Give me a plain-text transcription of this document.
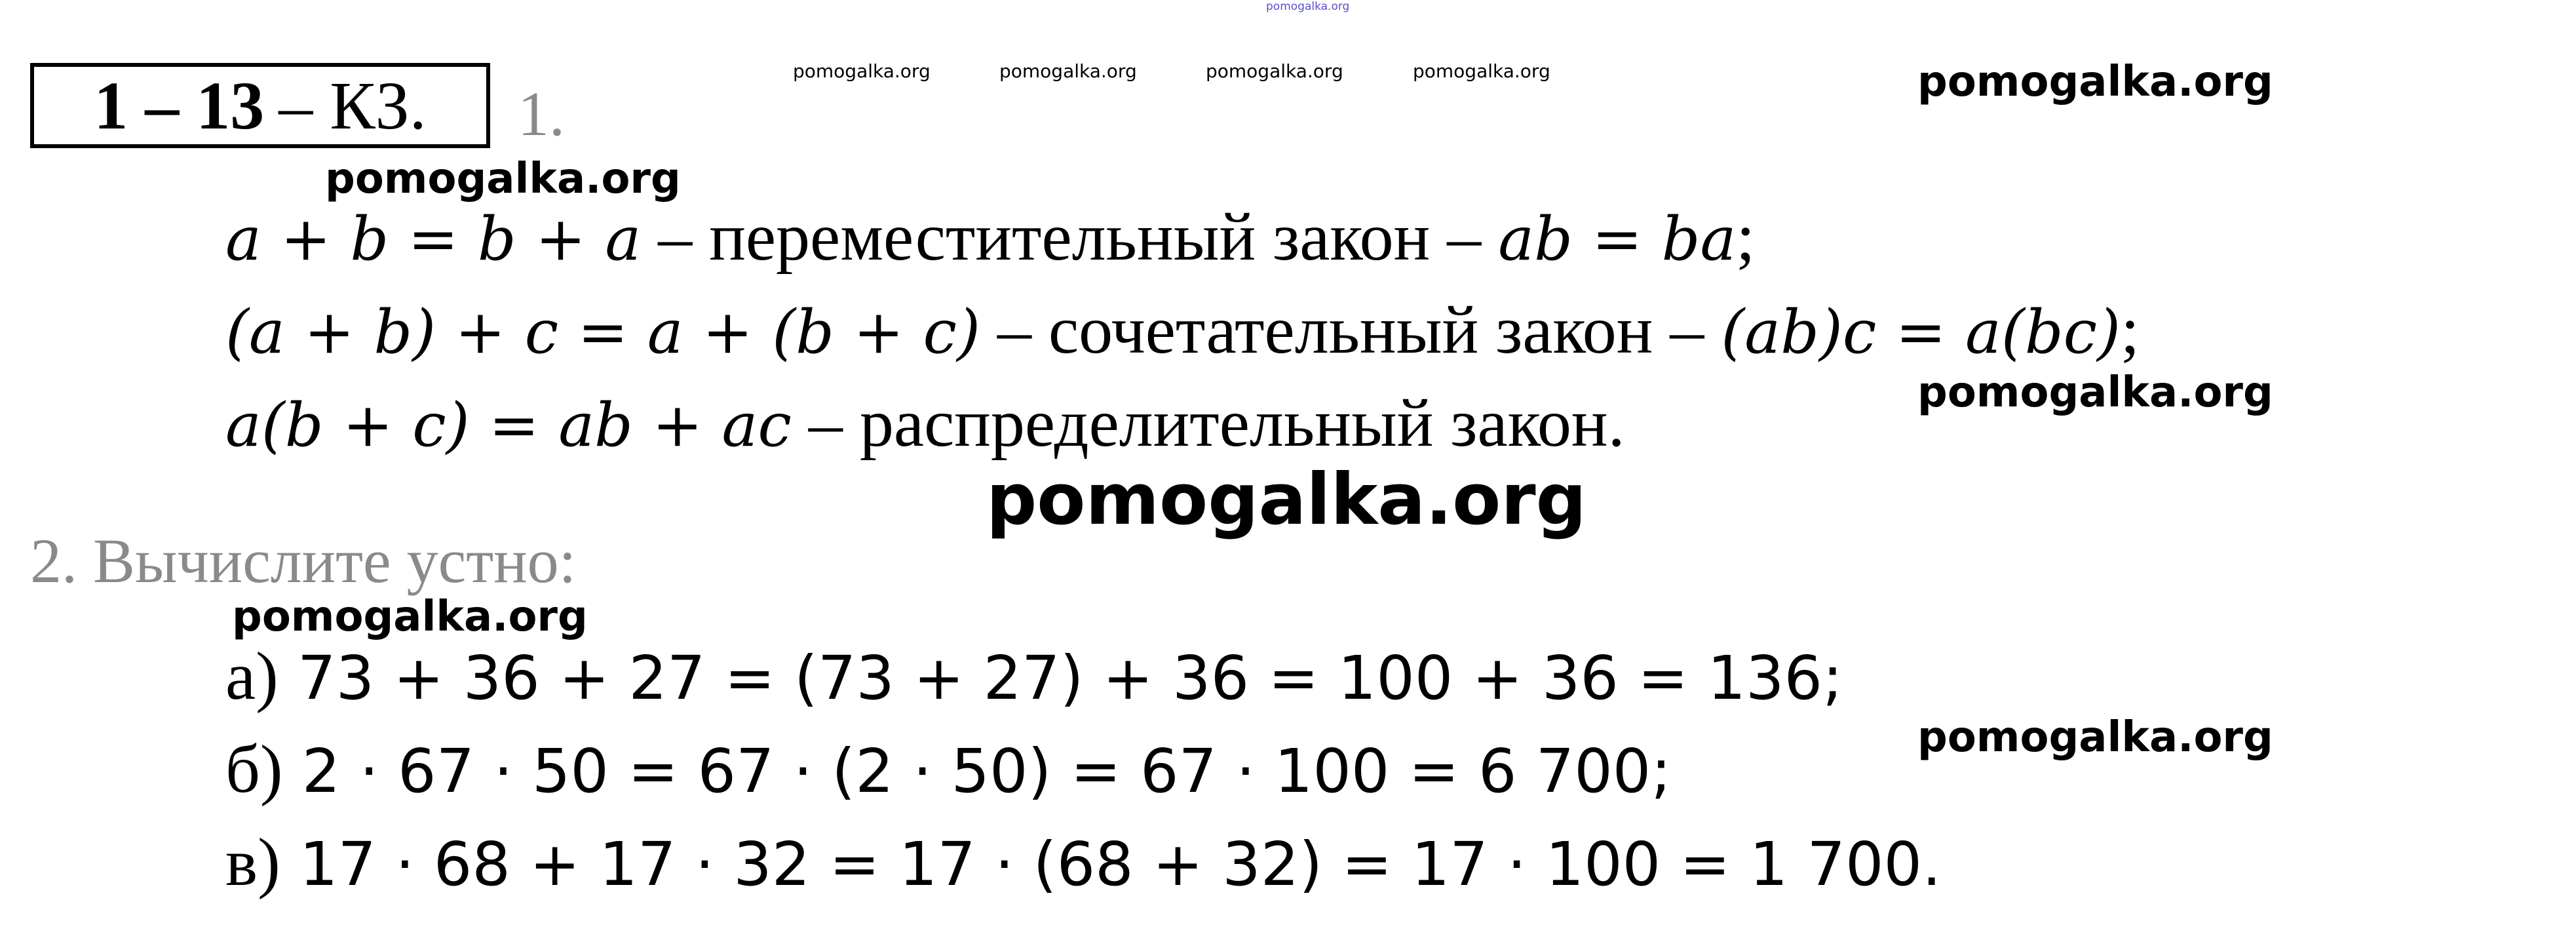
pomogalka.org
pomogalka.org	pomogalka.org	pomogalka.org	pomogalka.org	pomogalka.org
pomogalka.org
pomogalka.org
pomogalka.org
pomogalka.org
pomogalka.org
1 – 13 – КЗ. 1.
a + b = b + a – переместительный закон – ab = ba;
(a + b) + c = a + (b + c) – сочетательный закон – (ab)c = a(bc);
a(b + c) = ab + ac – распределительный закон.
2. Вычислите устно:
а) 73 + 36 + 27 = (73 + 27) + 36 = 100 + 36 = 136;
б) 2 · 67 · 50 = 67 · (2 · 50) = 67 · 100 = 6 700;
в) 17 · 68 + 17 · 32 = 17 · (68 + 32) = 17 · 100 = 1 700.
